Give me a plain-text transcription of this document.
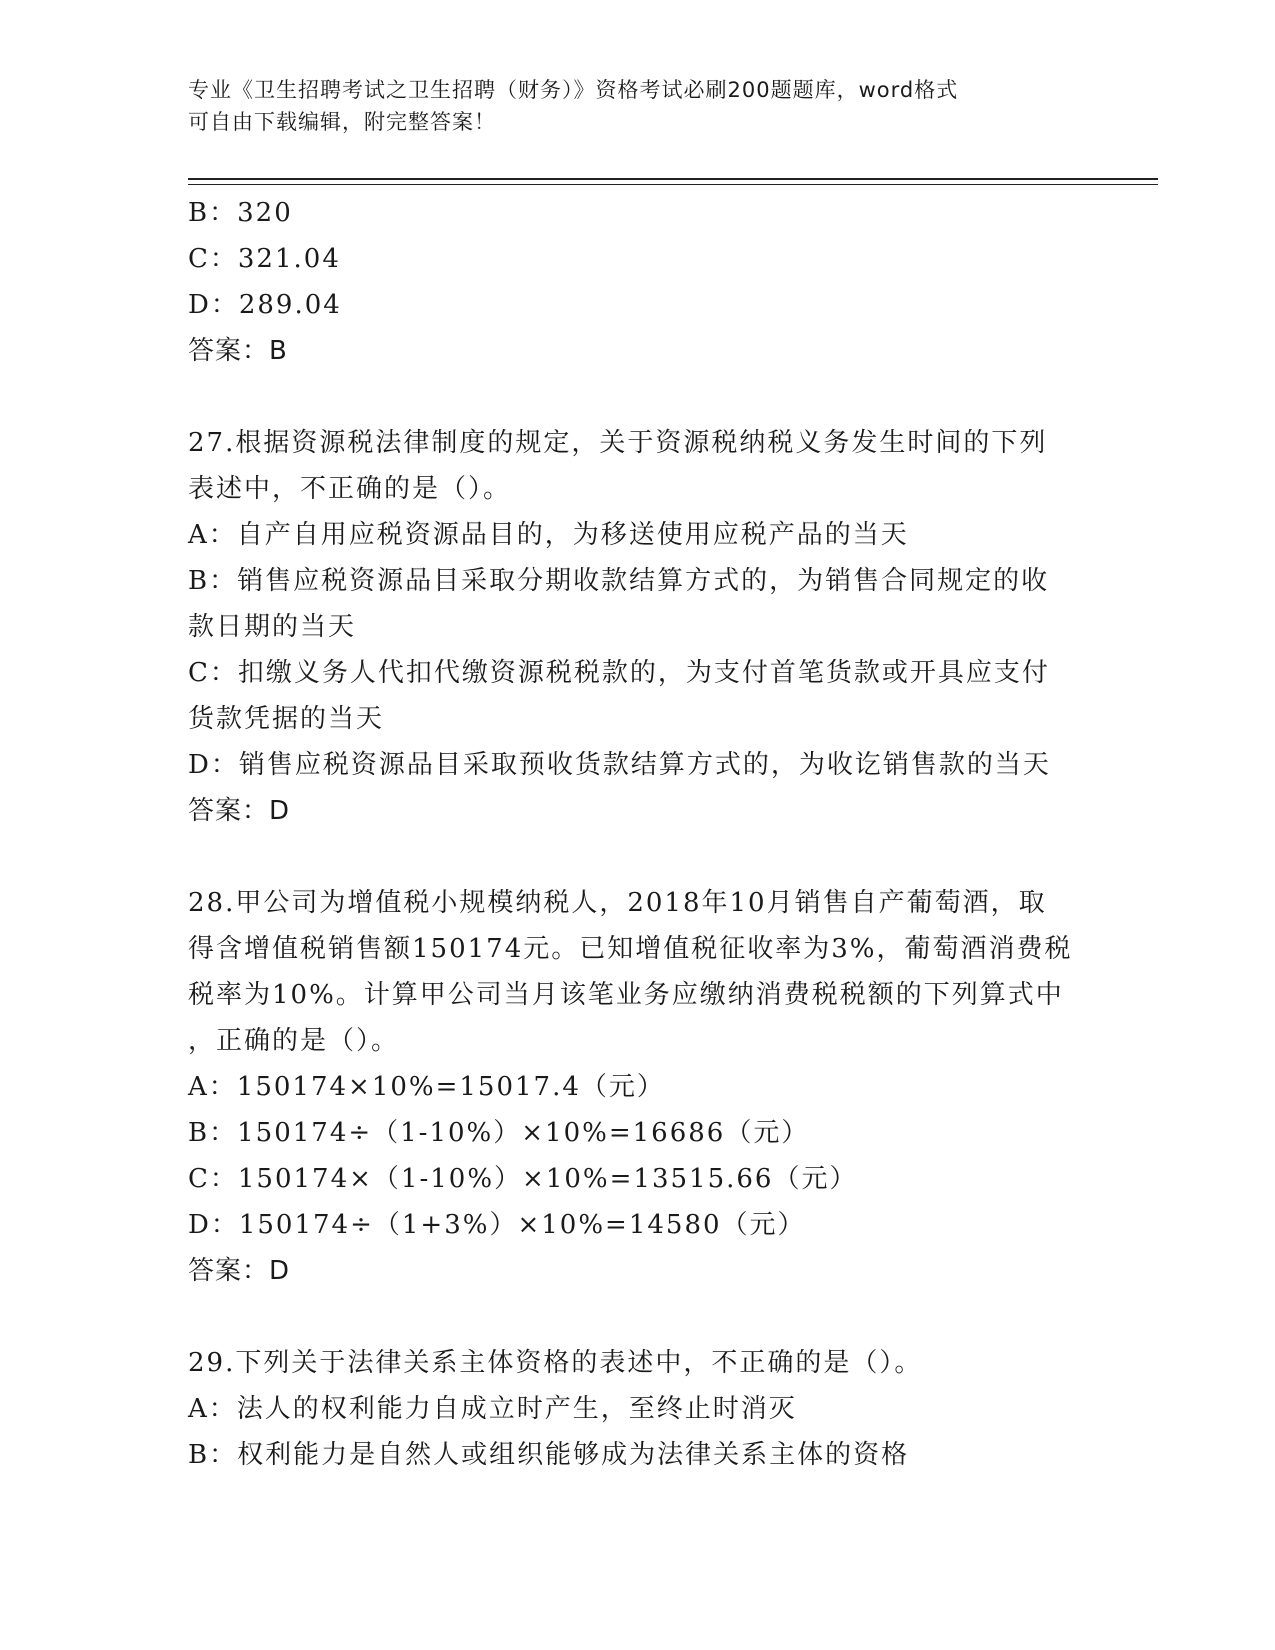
专业《卫生招聘考试之卫生招聘（财务）》资格考试必刷200题题库，word格式
可自由下载编辑，附完整答案！
B：320
C：321.04
D：289.04
答案：B
27.根据资源税法律制度的规定，关于资源税纳税义务发生时间的下列
表述中，不正确的是（）。
A：自产自用应税资源品目的，为移送使用应税产品的当天
B：销售应税资源品目采取分期收款结算方式的，为销售合同规定的收
款日期的当天
C：扣缴义务人代扣代缴资源税税款的，为支付首笔货款或开具应支付
货款凭据的当天
D：销售应税资源品目采取预收货款结算方式的，为收讫销售款的当天
答案：D
28.甲公司为增值税小规模纳税人，2018年10月销售自产葡萄酒，取
得含增值税销售额150174元。已知增值税征收率为3%，葡萄酒消费税
税率为10%。计算甲公司当月该笔业务应缴纳消费税税额的下列算式中
，正确的是（）。
A：150174×10%=15017.4（元）
B：150174÷（1-10%）×10%=16686（元）
C：150174×（1-10%）×10%=13515.66（元）
D：150174÷（1+3%）×10%=14580（元）
答案：D
29.下列关于法律关系主体资格的表述中，不正确的是（）。
A：法人的权利能力自成立时产生，至终止时消灭
B：权利能力是自然人或组织能够成为法律关系主体的资格
